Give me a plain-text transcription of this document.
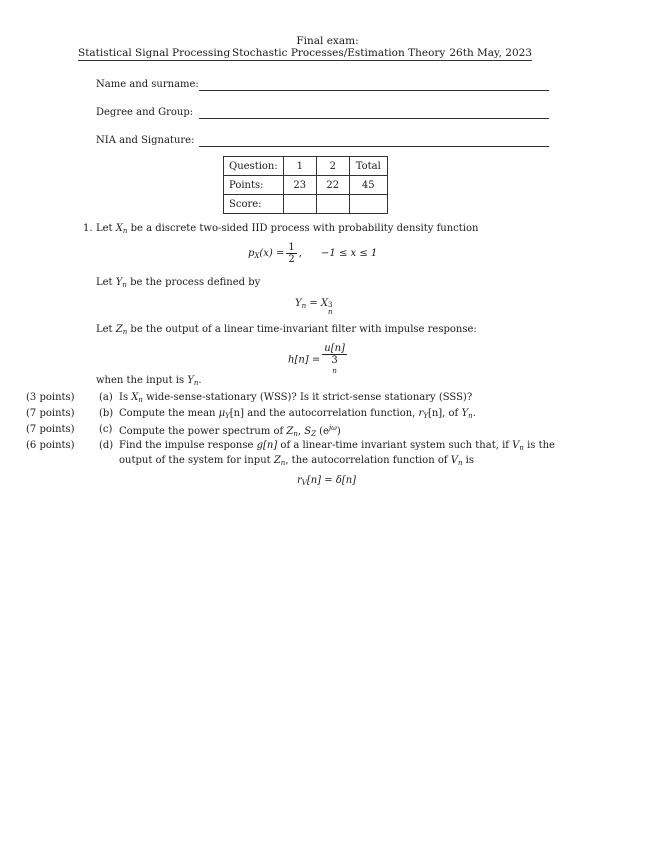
Final exam:
Statistical Signal Processing Stochastic Processes/Estimation Theory 26th May, 2023
Name and surname:
Degree and Group:
NIA and Signature:
Question:	1	2	Total
Points:	23	22	45
Score:			
1. Let $X_n$ be a discrete two-sided IID process with probability density function
$p_X(x) = \frac{1}{2}$ ,      −1 ≤ x ≤ 1
Let $Y_n$ be the process defined by
$Y_n = X$ 3
n
Let $Z_n$ be the output of a linear time-invariant filter with impulse response:
h[n] = u[n]
3
n
when the input is $Y_n$.
(3 points) (a) Is $X_n$ wide-sense-stationary (WSS)? Is it strict-sense stationary (SSS)?
(7 points) (b) Compute the mean $\mu_Y[n]$ and the autocorrelation function, $r_Y[n]$, of $Y_n$.
(7 points) (c) Compute the power spectrum of $Z_n$, $S_Z$ $(e^{j\omega})$
(6 points) (d) Find the impulse response g[n] of a linear-time invariant system such that, if $V_n$ is the
output of the system for input $Z_n$, the autocorrelation function of $V_n$ is
$r_V[n] = \delta[n]$
